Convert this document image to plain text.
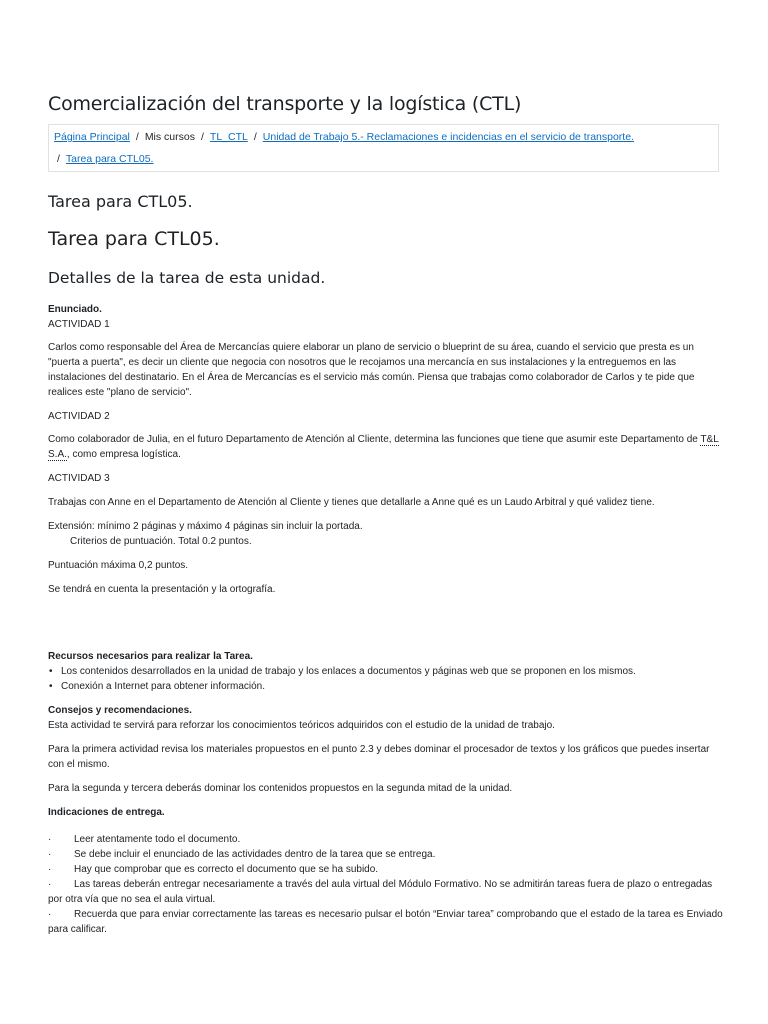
Comercialización del transporte y la logística (CTL)
Página Principal / Mis cursos / TL_CTL / Unidad de Trabajo 5.- Reclamaciones e incidencias en el servicio de transporte.
/ Tarea para CTL05.
Tarea para CTL05.
Tarea para CTL05.
Detalles de la tarea de esta unidad.

Enunciado.

ACTIVIDAD 1

Carlos como responsable del Área de Mercancías quiere elaborar un plano de servicio o blueprint de su área, cuando el servicio que presta es un "puerta a puerta", es decir un cliente que negocia con nosotros que le recojamos una mercancía en sus instalaciones y la entreguemos en las instalaciones del destinatario. En el Área de Mercancías es el servicio más común. Piensa que trabajas como colaborador de Carlos y te pide que realices este "plano de servicio".

ACTIVIDAD 2

Como colaborador de Julia, en el futuro Departamento de Atención al Cliente, determina las funciones que tiene que asumir este Departamento de T&L S.A., como empresa logística.

ACTIVIDAD 3

Trabajas con Anne en el Departamento de Atención al Cliente y tienes que detallarle a Anne qué es un Laudo Arbitral y qué validez tiene.

Extensión: mínimo 2 páginas y máximo 4 páginas sin incluir la portada.

Criterios de puntuación. Total 0.2 puntos.

Puntuación máxima 0,2 puntos.

Se tendrá en cuenta la presentación y la ortografía.

Recursos necesarios para realizar la Tarea.

• Los contenidos desarrollados en la unidad de trabajo y los enlaces a documentos y páginas web que se proponen en los mismos.
• Conexión a Internet para obtener información.

Consejos y recomendaciones.

Esta actividad te servirá para reforzar los conocimientos teóricos adquiridos con el estudio de la unidad de trabajo.

Para la primera actividad revisa los materiales propuestos en el punto 2.3 y debes dominar el procesador de textos y los gráficos que puedes insertar con el mismo.

Para la segunda y tercera deberás dominar los contenidos propuestos en la segunda mitad de la unidad.

Indicaciones de entrega.

· Leer atentamente todo el documento.

· Se debe incluir el enunciado de las actividades dentro de la tarea que se entrega.

· Hay que comprobar que es correcto el documento que se ha subido.

· Las tareas deberán entregar necesariamente a través del aula virtual del Módulo Formativo. No se admitirán tareas fuera de plazo o entregadas por otra vía que no sea el aula virtual.

· Recuerda que para enviar correctamente las tareas es necesario pulsar el botón “Enviar tarea” comprobando que el estado de la tarea es Enviado para calificar.
